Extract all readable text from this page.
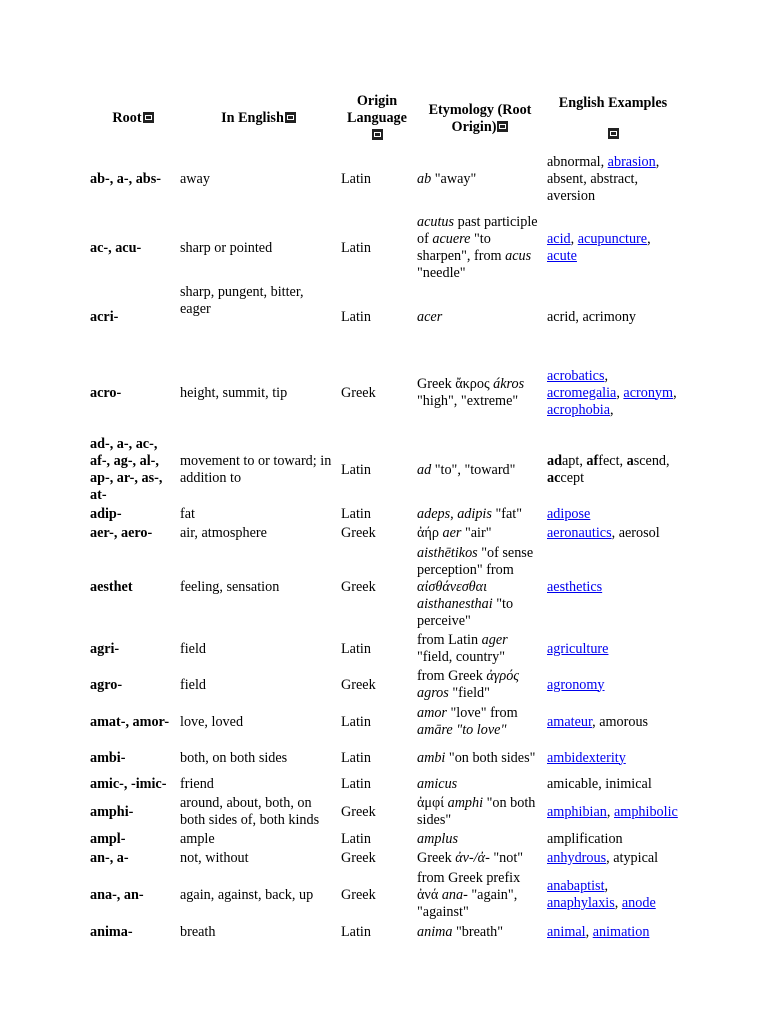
Root	In English	Origin Language	Etymology (Root Origin)	English Examples

ab-, a-, abs-	away	Latin	ab "away"	abnormal, abrasion, absent, abstract, aversion
ac-, acu-	sharp or pointed	Latin	acutus past participle of acuere "to sharpen", from acus "needle"	acid, acupuncture, acute
acri-	sharp, pungent, bitter, eager	Latin	acer	acrid, acrimony
acro-	height, summit, tip	Greek	Greek ἄκρος ákros "high", "extreme"	acrobatics, acromegalia, acronym, acrophobia,
ad-, a-, ac-, af-, ag-, al-, ap-, ar-, as-, at-	movement to or toward; in addition to	Latin	ad "to", "toward"	adapt, affect, ascend, accept
adip-	fat	Latin	adeps, adipis "fat"	adipose
aer-, aero-	air, atmosphere	Greek	ἀήρ aer "air"	aeronautics, aerosol
aesthet	feeling, sensation	Greek	aisthētikos "of sense perception" from αἰσθάνεσθαι aisthanesthai "to perceive"	aesthetics
agri-	field	Latin	from Latin ager "field, country"	agriculture
agro-	field	Greek	from Greek ἀγρός agros "field"	agronomy
amat-, amor-	love, loved	Latin	amor "love" from amāre "to love"	amateur, amorous
ambi-	both, on both sides	Latin	ambi "on both sides"	ambidexterity
amic-, -imic-	friend	Latin	amicus	amicable, inimical
amphi-	around, about, both, on both sides of, both kinds	Greek	ἀμφί amphi "on both sides"	amphibian, amphibolic
ampl-	ample	Latin	amplus	amplification
an-, a-	not, without	Greek	Greek ἀν-/ἀ- "not"	anhydrous, atypical
ana-, an-	again, against, back, up	Greek	from Greek prefix ἀνά ana- "again", "against"	anabaptist, anaphylaxis, anode
anima-	breath	Latin	anima "breath"	animal, animation
